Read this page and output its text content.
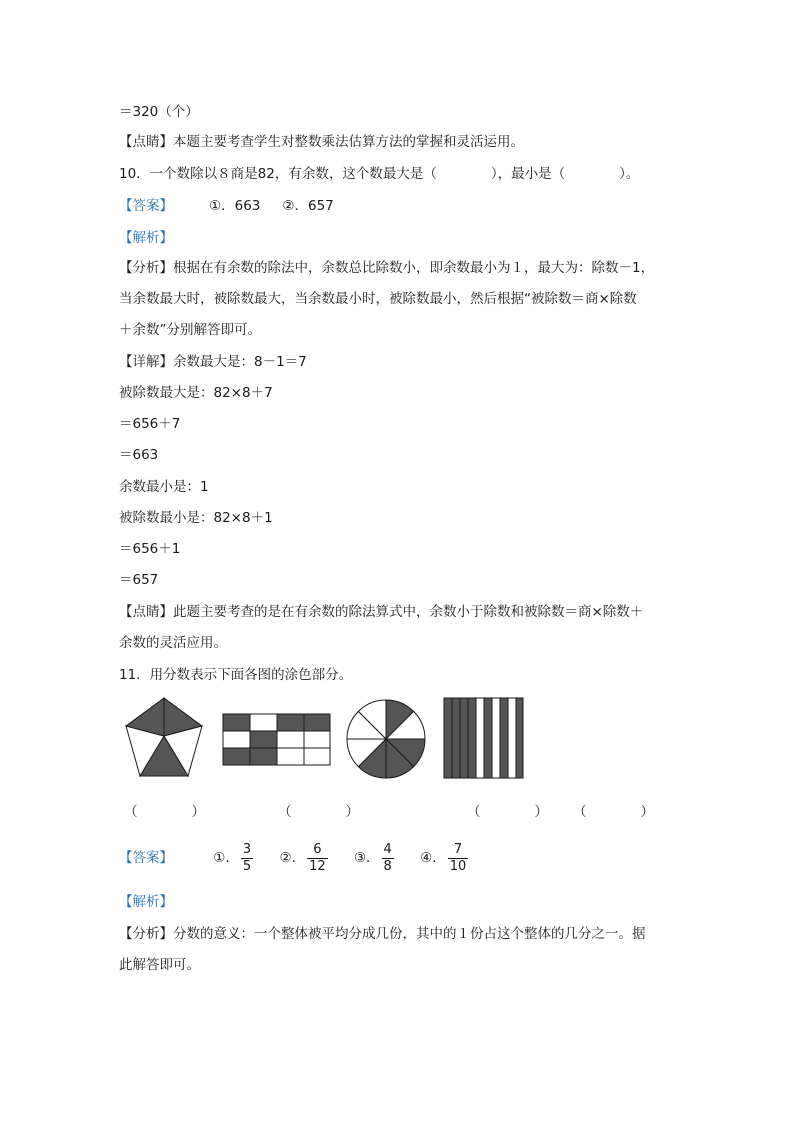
＝320（个）
【点睛】本题主要考查学生对整数乘法估算方法的掌握和灵活运用。
10．一个数除以８商是82，有余数，这个数最大是（　　　　），最小是（　　　　）。
【答案】	①．663 ②．657
【解析】
【分析】根据在有余数的除法中，余数总比除数小，即余数最小为１，最大为：除数－1，
当余数最大时，被除数最大，当余数最小时，被除数最小，然后根据“被除数＝商×除数
＋余数”分别解答即可。
【详解】余数最大是：8－1＝7
被除数最大是：82×8＋7
＝656＋7
＝663
余数最小是：1
被除数最小是：82×8＋1
＝656＋1
＝657
【点睛】此题主要考查的是在有余数的除法算式中，余数小于除数和被除数＝商×除数＋
余数的灵活应用。
11．用分数表示下面各图的涂色部分。
（　　　　）	（　　　　）	（　　　　） （　　　　）
【答案】	①． $\frac{3}{5}$ ②． $\frac{6}{12}$ ③． $\frac{4}{8}$ ④． $\frac{7}{10}$
【解析】
【分析】分数的意义：一个整体被平均分成几份，其中的１份占这个整体的几分之一。据
此解答即可。
